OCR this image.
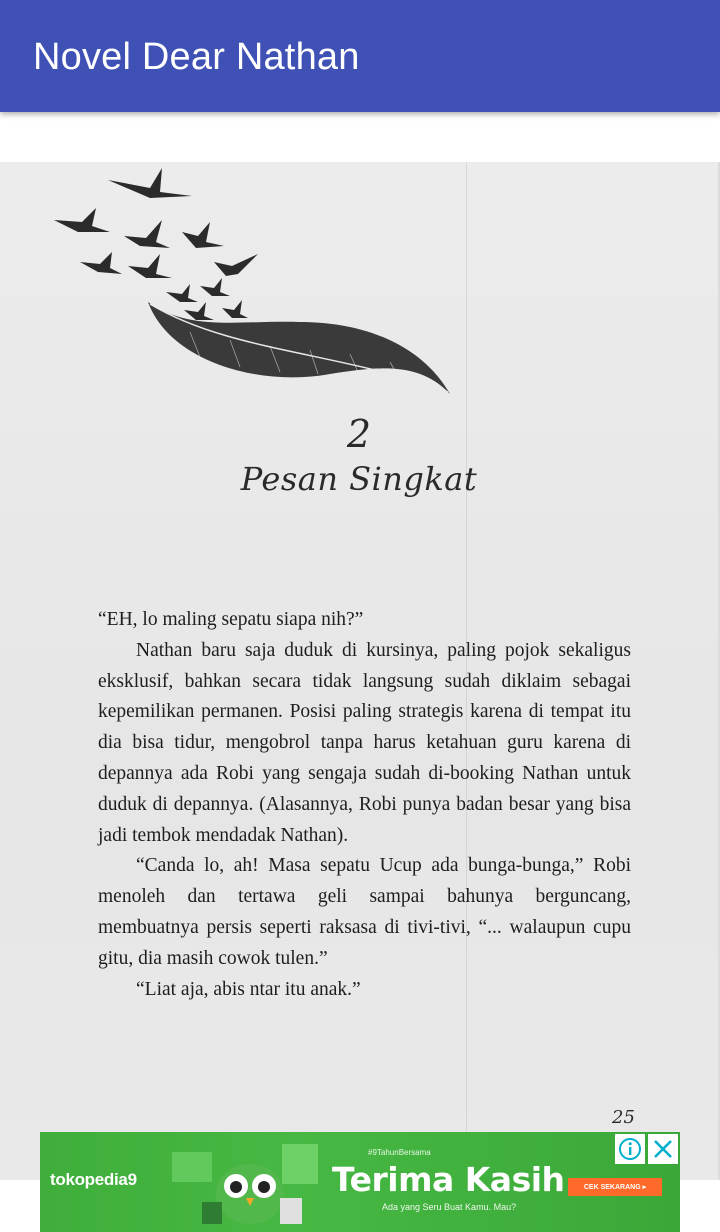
Novel Dear Nathan
2
Pesan Singkat

“EH, lo maling sepatu siapa nih?”

Nathan baru saja duduk di kursinya, paling pojok sekaligus eksklusif, bahkan secara tidak langsung sudah diklaim sebagai kepemilikan permanen. Posisi paling strategis karena di tempat itu dia bisa tidur, mengobrol tanpa harus ketahuan guru karena di depannya ada Robi yang sengaja sudah di-booking Nathan untuk duduk di depannya. (Alasannya, Robi punya badan besar yang bisa jadi tembok mendadak Nathan).

“Canda lo, ah! Masa sepatu Ucup ada bunga-bunga,” Robi menoleh dan tertawa geli sampai bahunya berguncang, membuatnya persis seperti raksasa di tivi-tivi, “... walaupun cupu gitu, dia masih cowok tulen.”

“Liat aja, abis ntar itu anak.”

25
tokopedia9
#9TahunBersama
Terima Kasih
Ada yang Seru Buat Kamu. Mau?
CEK SEKARANG ▸
